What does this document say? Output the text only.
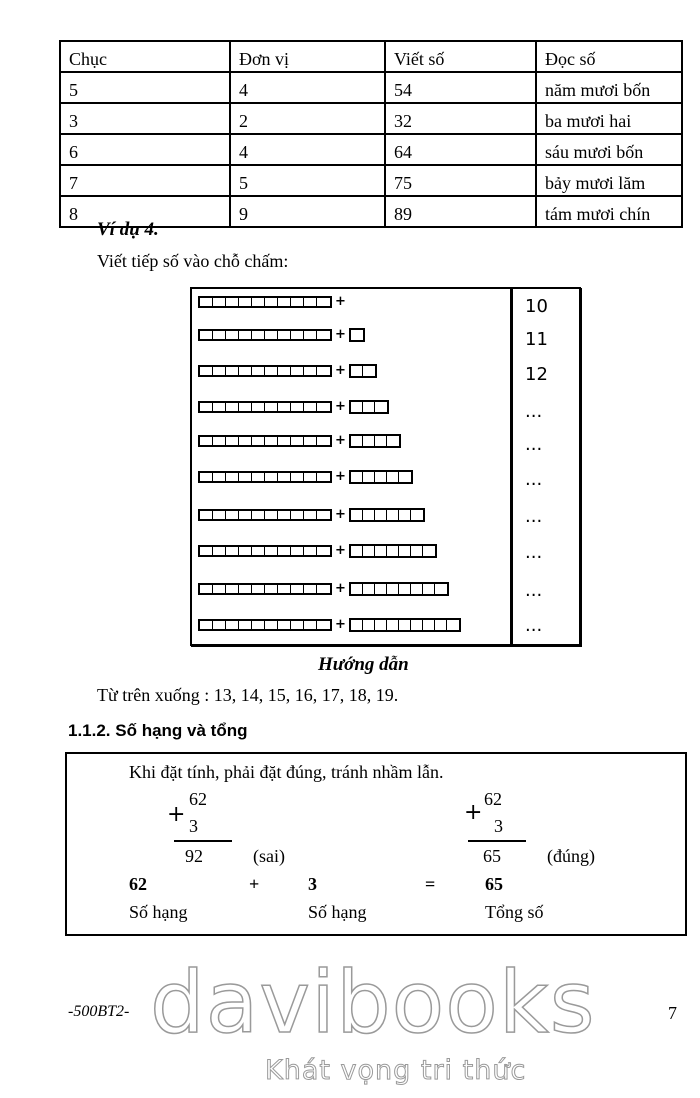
Chục	Đơn vị	Viết số	Đọc số
5	4	54	năm mươi bốn
3	2	32	ba mươi hai
6	4	64	sáu mươi bốn
7	5	75	bảy mươi lăm
8	9	89	tám mươi chín
Ví dụ 4.
Viết tiếp số vào chỗ chấm:
+
+
+
+
+
+
+
+
+
+
10
11
12
...
...
...
...
...
...
...
Hướng dẫn
Từ trên xuống : 13, 14, 15, 16, 17, 18, 19.
1.1.2. Số hạng và tổng
Khi đặt tính, phải đặt đúng, tránh nhầm lẫn.
+
62
3
92	(sai)
+
62
3
65	(đúng)
62	+	3	=	65
Số hạng	Số hạng	Tổng số
-500BT2-	7
davibooks
Khát vọng tri thức
